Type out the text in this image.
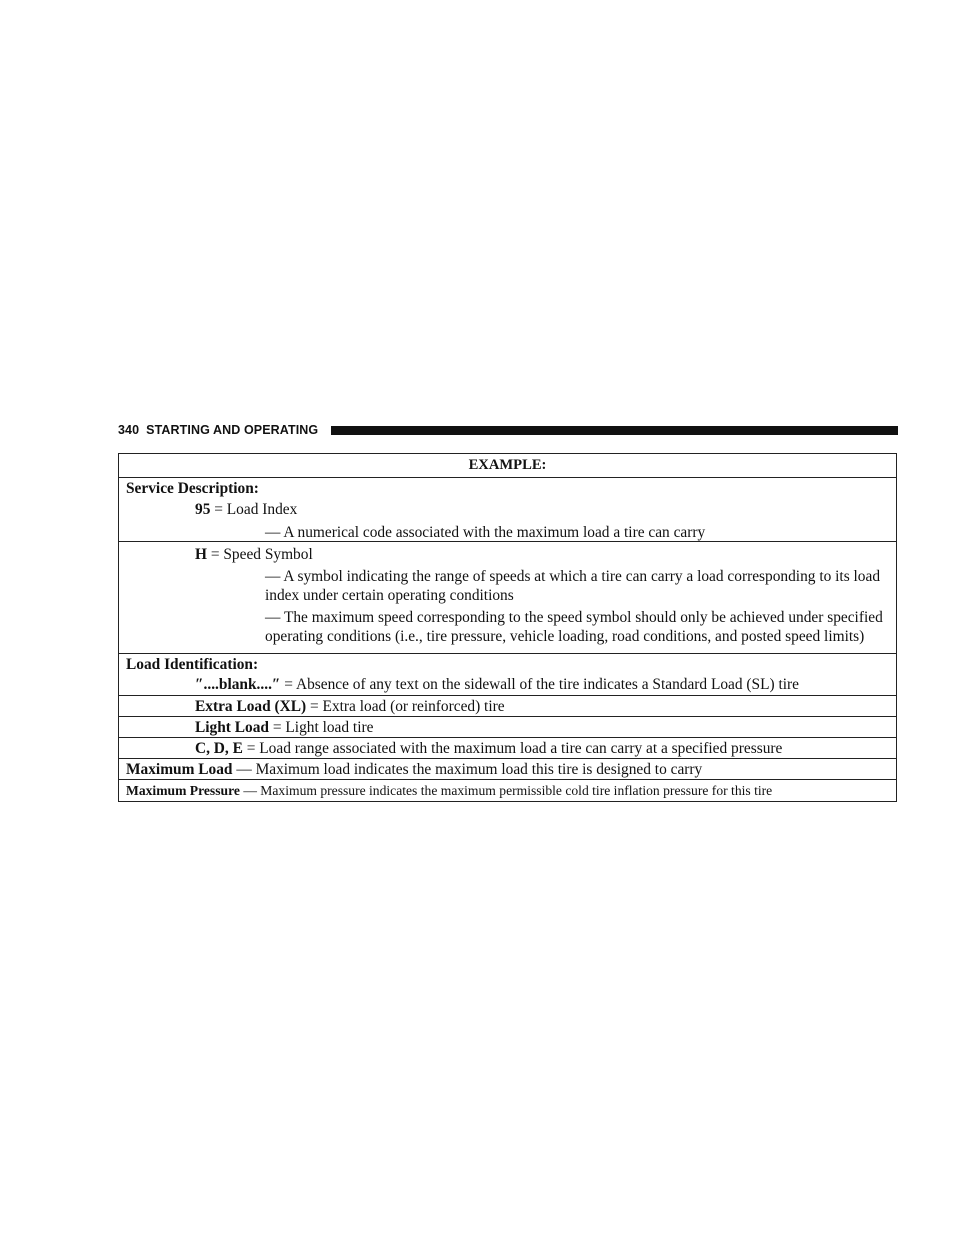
340 STARTING AND OPERATING
EXAMPLE:
Service Description:
95 = Load Index
— A numerical code associated with the maximum load a tire can carry
H = Speed Symbol
— A symbol indicating the range of speeds at which a tire can carry a load corresponding to its load index under certain operating conditions
— The maximum speed corresponding to the speed symbol should only be achieved under specified operating conditions (i.e., tire pressure, vehicle loading, road conditions, and posted speed limits)
Load Identification:
″....blank....″ = Absence of any text on the sidewall of the tire indicates a Standard Load (SL) tire
Extra Load (XL) = Extra load (or reinforced) tire
Light Load = Light load tire
C, D, E = Load range associated with the maximum load a tire can carry at a specified pressure
Maximum Load — Maximum load indicates the maximum load this tire is designed to carry
Maximum Pressure — Maximum pressure indicates the maximum permissible cold tire inflation pressure for this tire
